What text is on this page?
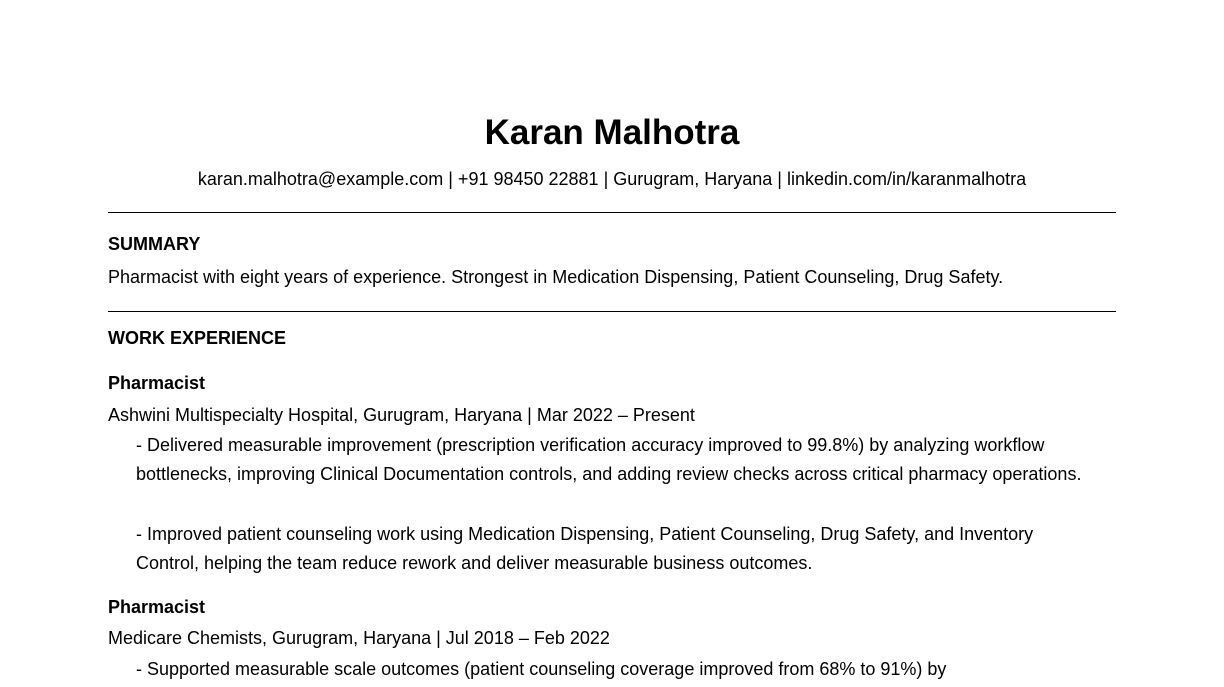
Karan Malhotra
karan.malhotra@example.com | +91 98450 22881 | Gurugram, Haryana | linkedin.com/in/karanmalhotra
SUMMARY
Pharmacist with eight years of experience. Strongest in Medication Dispensing, Patient Counseling, Drug Safety.
WORK EXPERIENCE
Pharmacist
Ashwini Multispecialty Hospital, Gurugram, Haryana | Mar 2022 – Present
- Delivered measurable improvement (prescription verification accuracy improved to 99.8%) by analyzing workflow bottlenecks, improving Clinical Documentation controls, and adding review checks across critical pharmacy operations.
- Improved patient counseling work using Medication Dispensing, Patient Counseling, Drug Safety, and Inventory Control, helping the team reduce rework and deliver measurable business outcomes.
Pharmacist
Medicare Chemists, Gurugram, Haryana | Jul 2018 – Feb 2022
- Supported measurable scale outcomes (patient counseling coverage improved from 68% to 91%) by
